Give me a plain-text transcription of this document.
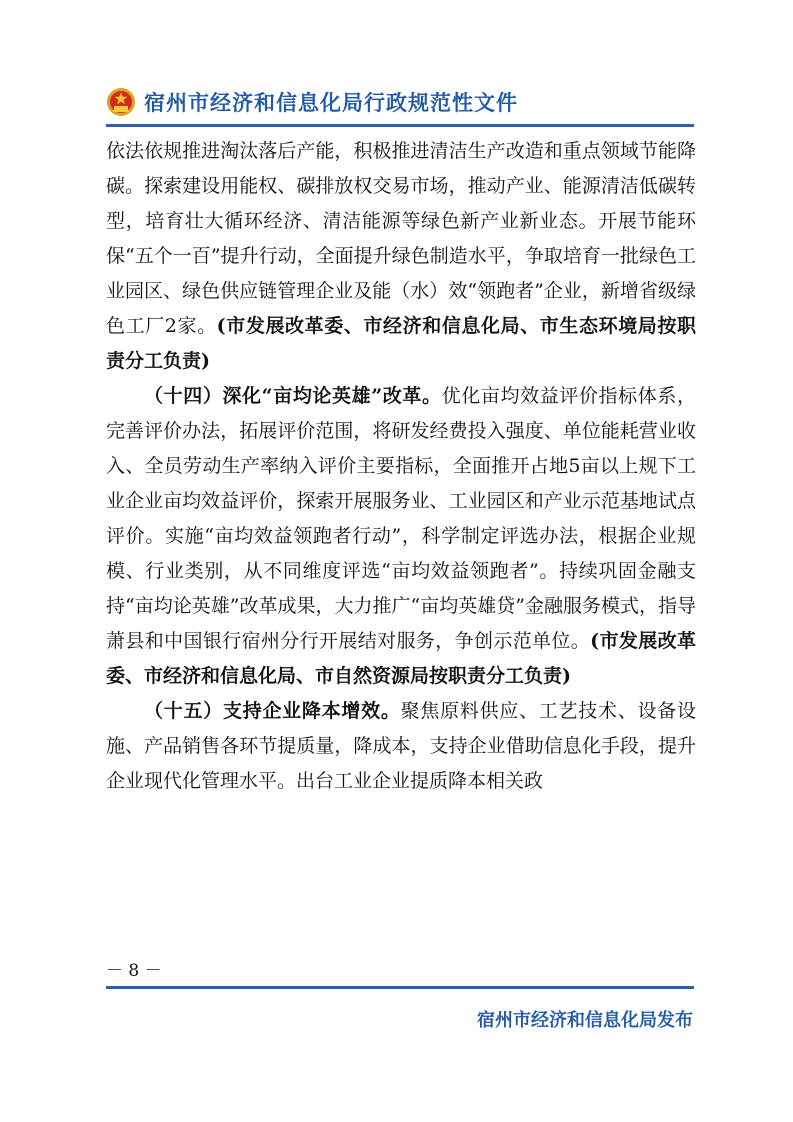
宿州市经济和信息化局行政规范性文件

依法依规推进淘汰落后产能，积极推进清洁生产改造和重点领域节能降碳。探索建设用能权、碳排放权交易市场，推动产业、能源清洁低碳转型，培育壮大循环经济、清洁能源等绿色新产业新业态。开展节能环保“五个一百”提升行动，全面提升绿色制造水平，争取培育一批绿色工业园区、绿色供应链管理企业及能（水）效“领跑者”企业，新增省级绿色工厂2家。(市发展改革委、市经济和信息化局、市生态环境局按职责分工负责)

（十四）深化“亩均论英雄”改革。优化亩均效益评价指标体系，完善评价办法，拓展评价范围，将研发经费投入强度、单位能耗营业收入、全员劳动生产率纳入评价主要指标，全面推开占地5亩以上规下工业企业亩均效益评价，探索开展服务业、工业园区和产业示范基地试点评价。实施“亩均效益领跑者行动”，科学制定评选办法，根据企业规模、行业类别，从不同维度评选“亩均效益领跑者”。持续巩固金融支持“亩均论英雄”改革成果，大力推广“亩均英雄贷”金融服务模式，指导萧县和中国银行宿州分行开展结对服务，争创示范单位。(市发展改革委、市经济和信息化局、市自然资源局按职责分工负责)

（十五）支持企业降本增效。聚焦原料供应、工艺技术、设备设施、产品销售各环节提质量，降成本，支持企业借助信息化手段，提升企业现代化管理水平。出台工业企业提质降本相关政

－ 8 －
宿州市经济和信息化局发布
